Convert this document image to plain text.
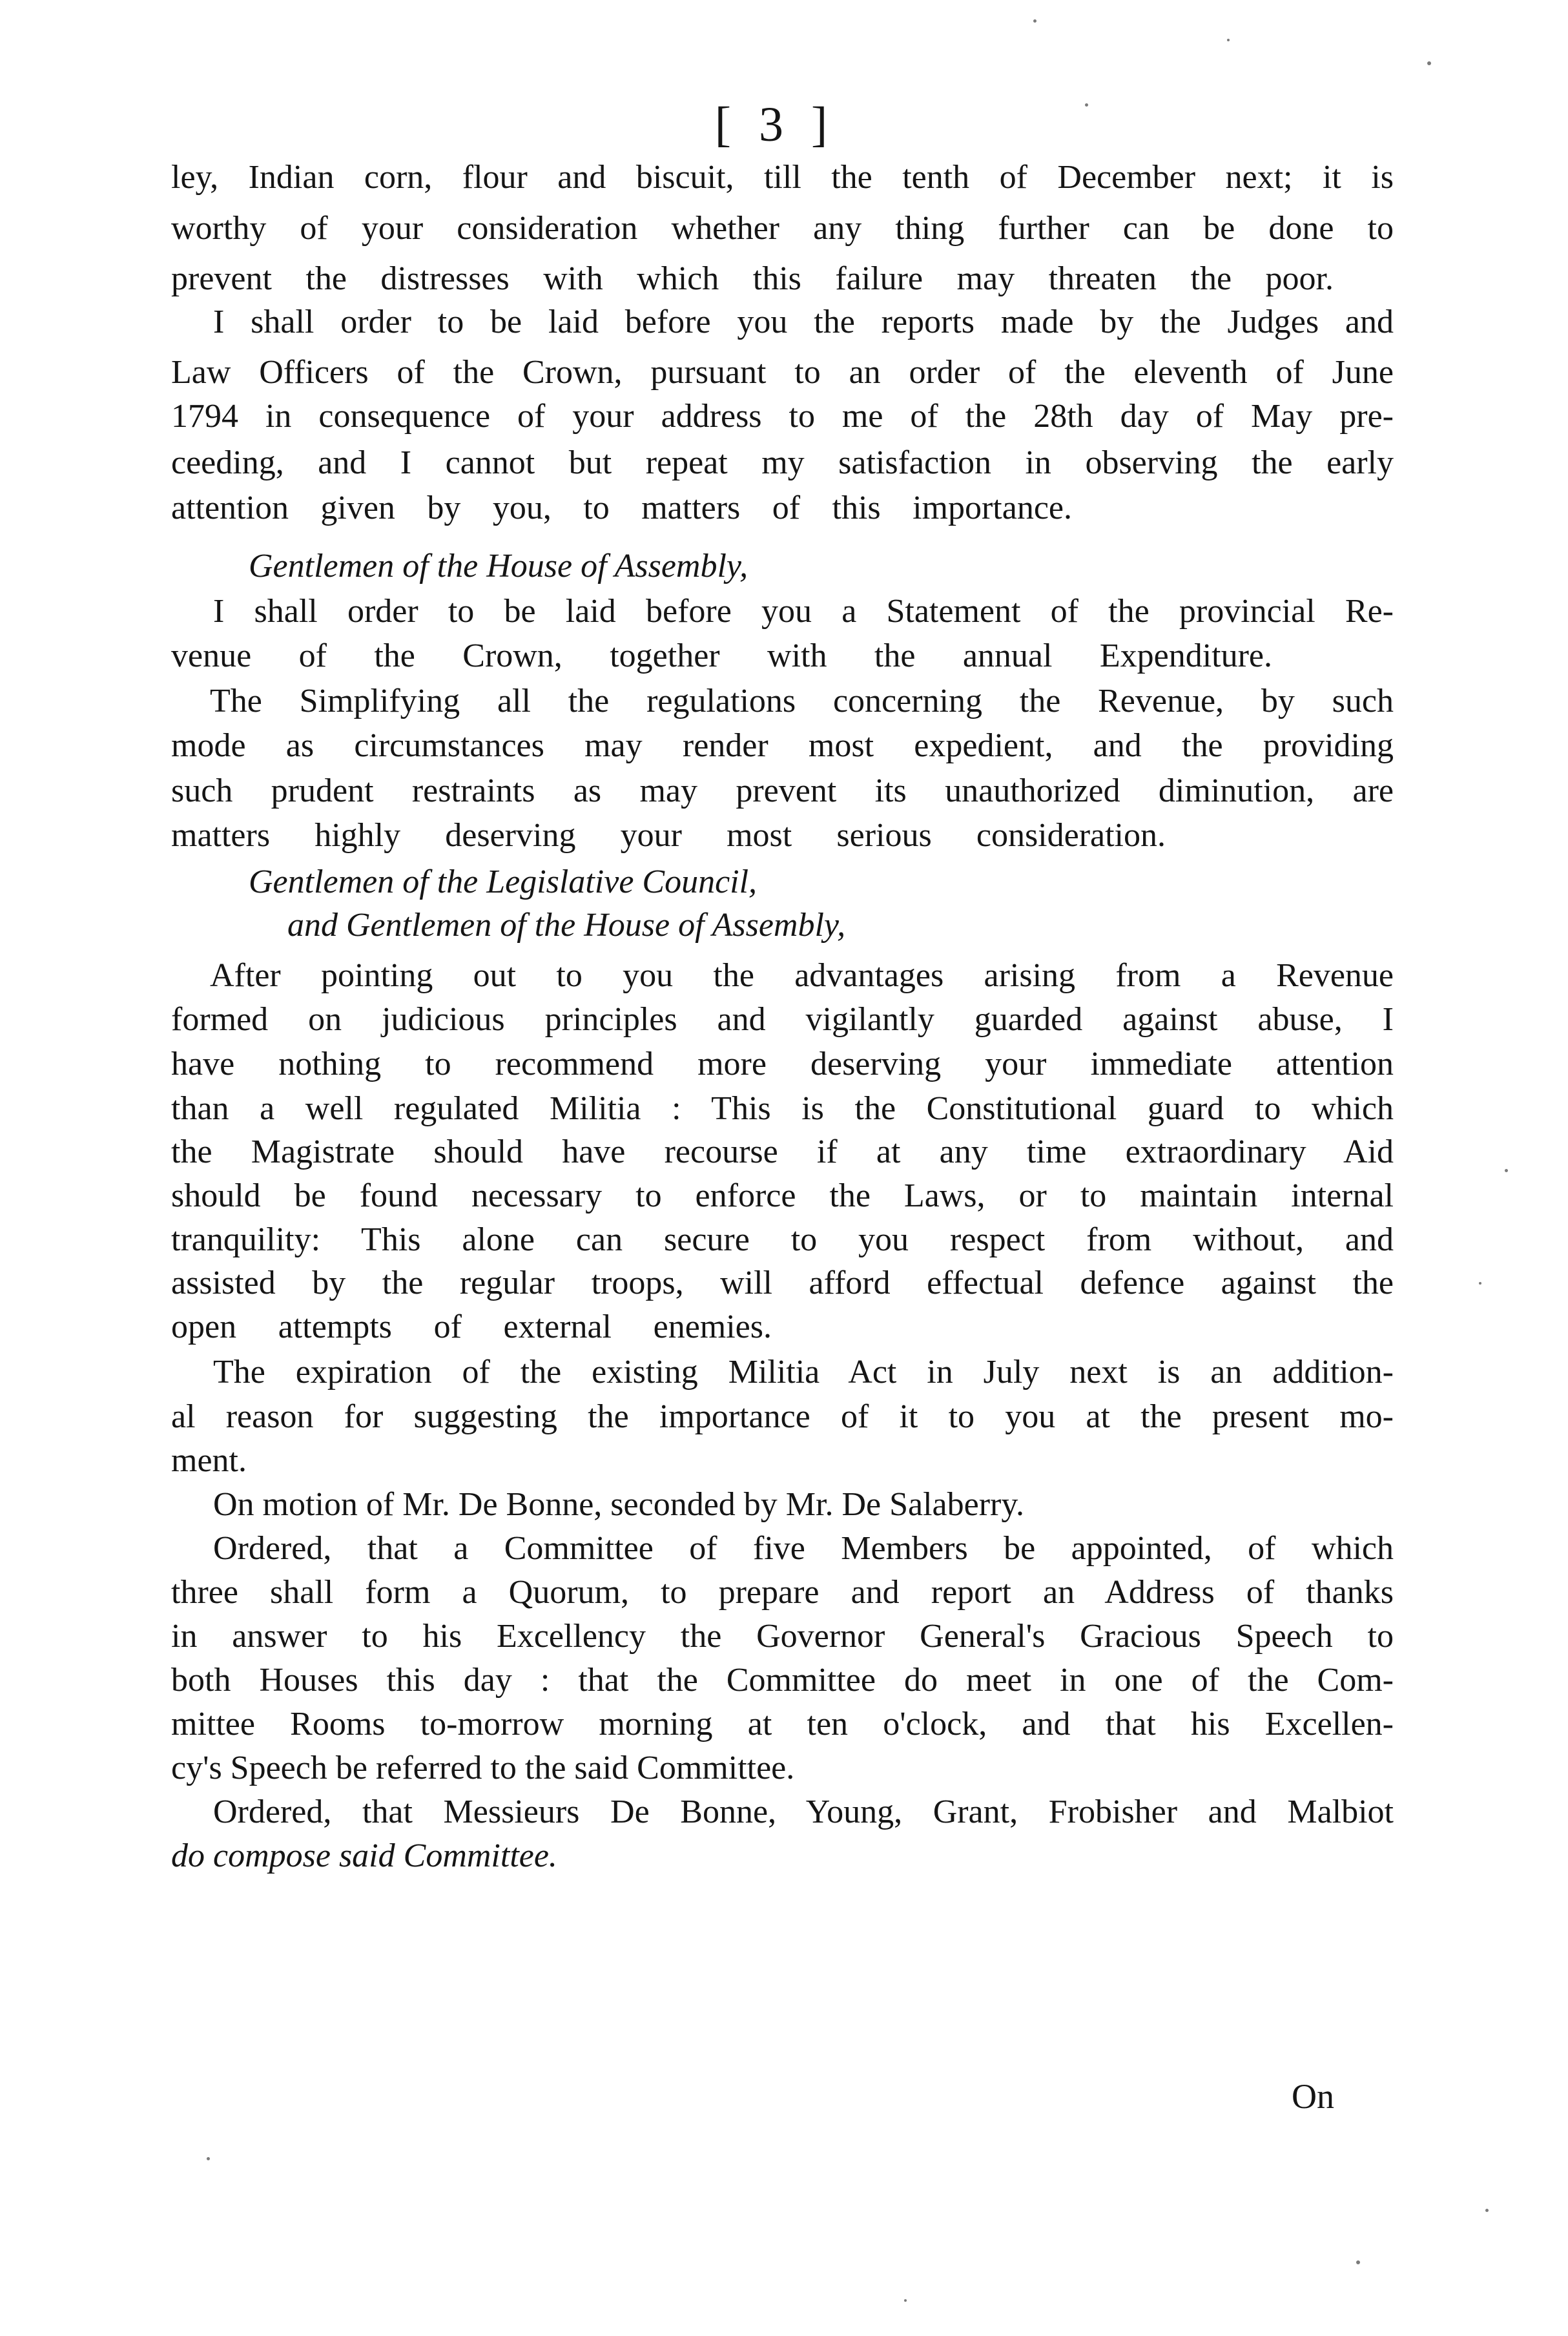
[ 3 ]
ley, Indian corn, flour and biscuit, till the tenth of December next; it is
worthy of your consideration whether any thing further can be done to
prevent the distresses with which this failure may threaten the poor.
I shall order to be laid before you the reports made by the Judges and
Law Officers of the Crown, pursuant to an order of the eleventh of June
1794 in consequence of your address to me of the 28th day of May pre-
ceeding, and I cannot but repeat my satisfaction in observing the early
attention given by you, to matters of this importance.
Gentlemen of the House of Assembly,
I shall order to be laid before you a Statement of the provincial Re-
venue of the Crown, together with the annual Expenditure.
The Simplifying all the regulations concerning the Revenue, by such
mode as circumstances may render most expedient, and the providing
such prudent restraints as may prevent its unauthorized diminution, are
matters highly deserving your most serious consideration.
Gentlemen of the Legislative Council,
and Gentlemen of the House of Assembly,
After pointing out to you the advantages arising from a Revenue
formed on judicious principles and vigilantly guarded against abuse, I
have nothing to recommend more deserving your immediate attention
than a well regulated Militia : This is the Constitutional guard to which
the Magistrate should have recourse if at any time extraordinary Aid
should be found necessary to enforce the Laws, or to maintain internal
tranquility: This alone can secure to you respect from without, and
assisted by the regular troops, will afford effectual defence against the
open attempts of external enemies.
The expiration of the existing Militia Act in July next is an addition-
al reason for suggesting the importance of it to you at the present mo-
ment.
On motion of Mr. De Bonne, seconded by Mr. De Salaberry.
Ordered, that a Committee of five Members be appointed, of which
three shall form a Quorum, to prepare and report an Address of thanks
in answer to his Excellency the Governor General's Gracious Speech to
both Houses this day : that the Committee do meet in one of the Com-
mittee Rooms to-morrow morning at ten o'clock, and that his Excellen-
cy's Speech be referred to the said Committee.
Ordered, that Messieurs De Bonne, Young, Grant, Frobisher and Malbiot
do compose said Committee.
On
